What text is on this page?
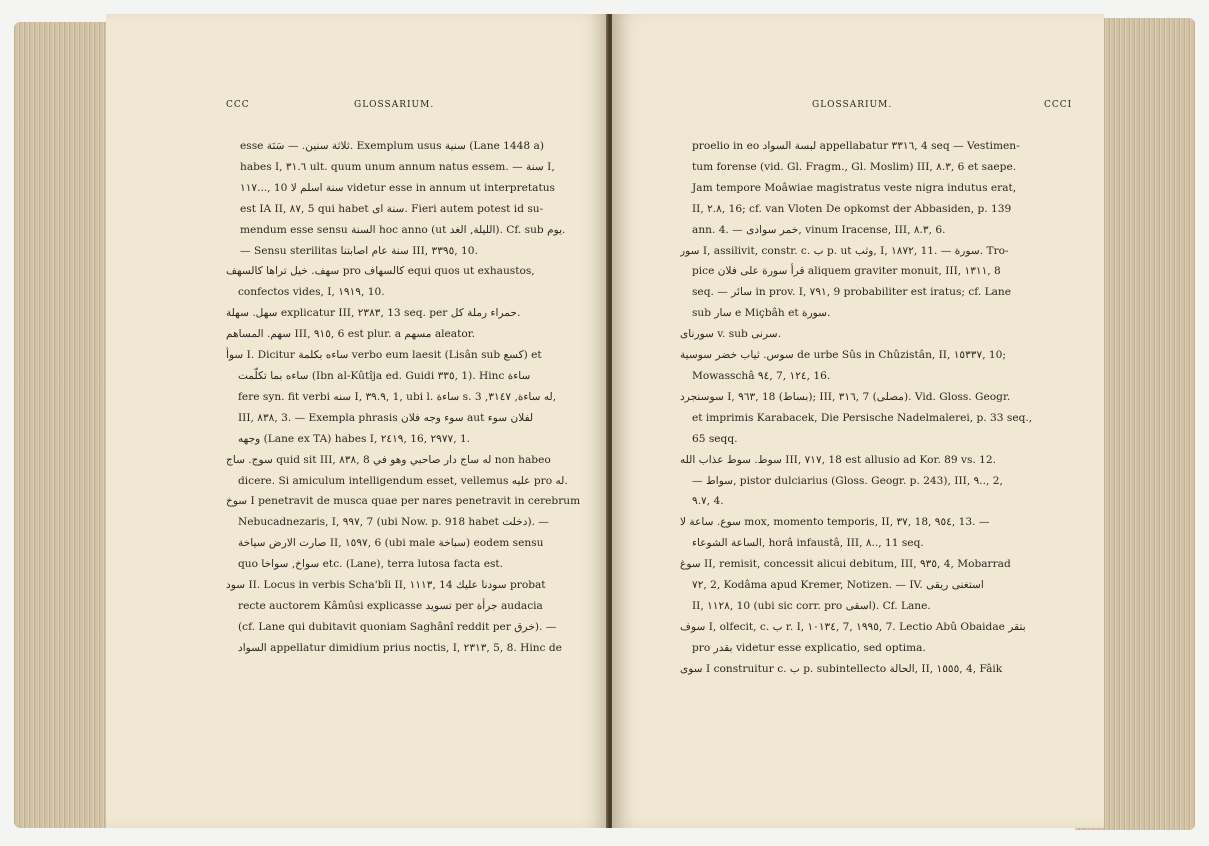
CCC	GLOSSARIUM.
esse ثلاثة سنين. — سَنَة. Exemplum usus سنية (Lane 1448 a)
habes I, ٣١.٦ ult. quum unum annum natus essem. — سنة I,
١١٧..., 10 سنة اسلم لا videtur esse in annum ut interpretatus
est IA II, ٨٧, 5 qui habet سنة اى. Fieri autem potest id su-
mendum esse sensu السنة hoc anno (ut الليلة, الغد). Cf. sub يوم.
— Sensu sterilitas سنة عام اصابتنا III, ٣٣٩٥, 10.
سهف. خيل تراها كالسهف pro كالسهاف equi quos ut exhaustos,
confectos vides, I, ١٩١٩, 10.
سهل. سهلة explicatur III, ٢٣٨٣, 13 seq. per حمراء رملة كل.
سهم. المساهم III, ٩١٥, 6 est plur. a مسهم aleator.
سوأ I. Dicitur ساءه بكلمة verbo eum laesit (Lisân sub كسع) et
ساءه بما تكلّمت (Ibn al-Kûtîja ed. Guidi ٣٣٥, 1). Hinc ساءة
fere syn. fit verbi سنه I, ٣٩.٩, 1, ubi l. ساءة s. له ساءة, ٣١٤٧, 3,
III, ٨٣٨, 3. — Exempla phrasis سوء وجه فلان aut لفلان سوء
وجهه (Lane ex TA) habes I, ٢٤١٩, 16, ٢٩٧٧, 1.
سوج. ساج quid sit III, ٨٣٨, 8 له ساج دار صاحبي وهو في non habeo
dicere. Si amiculum intelligendum esset, vellemus عليه pro له.
سوخ I penetravit de musca quae per nares penetravit in cerebrum
Nebucadnezaris, I, ٩٩٧, 7 (ubi Now. p. 918 habet دخلت). —
صارت الارض سياخة II, ١٥٩٧, 6 (ubi male سباخة) eodem sensu
quo سواخ, سواخا etc. (Lane), terra lutosa facta est.
سود II. Locus in verbis Scha'bîi II, ١١١٣, 14 سودنا عليك probat
recte auctorem Kâmûsi explicasse تسويد per جرأة audacia
(cf. Lane qui dubitavit quoniam Saghânî reddit per خرق). —
السواد appellatur dimidium prius noctis, I, ٢٣١٣, 5, 8. Hinc de
GLOSSARIUM.	CCCI
proelio in eo لبسة السواد appellabatur ٣٣١٦, 4 seq — Vestimen-
tum forense (vid. Gl. Fragm., Gl. Moslim) III, ٨.٣, 6 et saepe.
Jam tempore Moâwiae magistratus veste nigra indutus erat,
II, ٢.٨, 16; cf. van Vloten De opkomst der Abbasiden, p. 139
ann. 4. — خمر سوادى, vinum Iracense, III, ٨.٣, 6.
سور I, assilivit, constr. c. ب p. ut وثب, I, ١٨٧٢, 11. — سورة. Tro-
pice قرأ سورة على فلان aliquem graviter monuit, III, ١٣١١, 8
seq. — سائر in prov. I, ٧٩١, 9 probabiliter est iratus; cf. Lane
sub سار e Miçbâh et سورة.
سورناى v. sub سرنى.
سوس. ثياب خضر سوسية de urbe Sûs in Chûzistân, II, ١٥٣٣٧, 10;
Mowasschâ ٩٤, 7, ١٢٤, 16.
سوسنجرد I, ٩٦٣, 18 (بساط); III, ٣١٦, 7 (مصلى). Vid. Gloss. Geogr.
et imprimis Karabacek, Die Persische Nadelmalerei, p. 33 seq.,
65 seqq.
سوط. سوط عذاب الله III, ٧١٧, 18 est allusio ad Kor. 89 vs. 12.
— سواط, pistor dulciarius (Gloss. Geogr. p. 243), III, ٩.., 2,
٩.٧, 4.
سوع. ساعة لا mox, momento temporis, II, ٣٧, 18, ٩٥٤, 13. —
الساعة الشوعاء, horâ infaustâ, III, ٨.., 11 seq.
سوغ II, remisit, concessit alicui debitum, III, ٩٣٥, 4, Mobarrad
٧٢, 2, Kodâma apud Kremer, Notizen. — IV. استغنى ريقى
II, ١١٢٨, 10 (ubi sic corr. pro اسقى). Cf. Lane.
سوف I, olfecit, c. ب r. I, ١٠١٣٤, 7, ١٩٩٥, 7. Lectio Abû Obaidae بتقر
pro بقدر videtur esse explicatio, sed optima.
سوى I construitur c. ب p. subintellecto الحالة, II, ١٥٥٥, 4, Fâik
